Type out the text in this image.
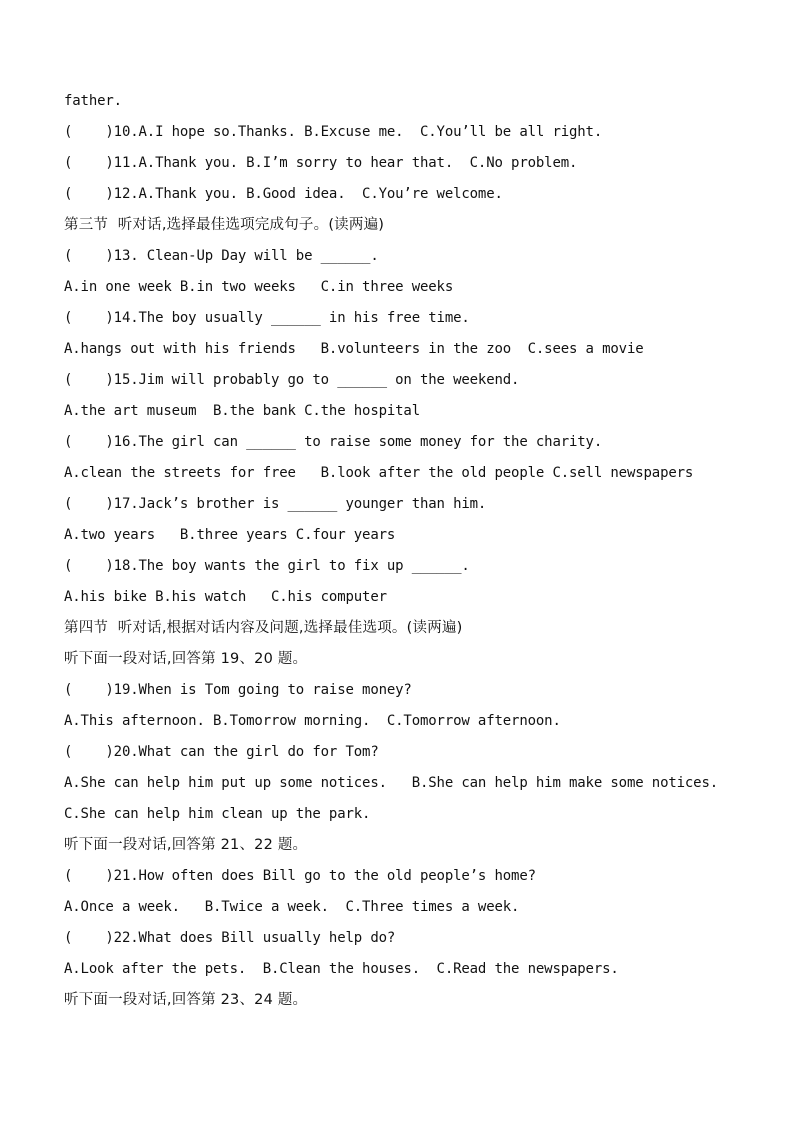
father.
(    )10.A.I hope so.Thanks. B.Excuse me.  C.You’ll be all right.
(    )11.A.Thank you. B.I’m sorry to hear that.  C.No problem.
(    )12.A.Thank you. B.Good idea.  C.You’re welcome.
第三节  听对话,选择最佳选项完成句子。(读两遍)
(    )13. Clean-Up Day will be ______.
A.in one week B.in two weeks   C.in three weeks
(    )14.The boy usually ______ in his free time.
A.hangs out with his friends   B.volunteers in the zoo  C.sees a movie
(    )15.Jim will probably go to ______ on the weekend.
A.the art museum  B.the bank C.the hospital
(    )16.The girl can ______ to raise some money for the charity.
A.clean the streets for free   B.look after the old people C.sell newspapers
(    )17.Jack’s brother is ______ younger than him.
A.two years   B.three years C.four years
(    )18.The boy wants the girl to fix up ______.
A.his bike B.his watch   C.his computer
第四节  听对话,根据对话内容及问题,选择最佳选项。(读两遍)
听下面一段对话,回答第 19、20 题。
(    )19.When is Tom going to raise money?
A.This afternoon. B.Tomorrow morning.  C.Tomorrow afternoon.
(    )20.What can the girl do for Tom?
A.She can help him put up some notices.   B.She can help him make some notices.
C.She can help him clean up the park.
听下面一段对话,回答第 21、22 题。
(    )21.How often does Bill go to the old people’s home?
A.Once a week.   B.Twice a week.  C.Three times a week.
(    )22.What does Bill usually help do?
A.Look after the pets.  B.Clean the houses.  C.Read the newspapers.
听下面一段对话,回答第 23、24 题。
